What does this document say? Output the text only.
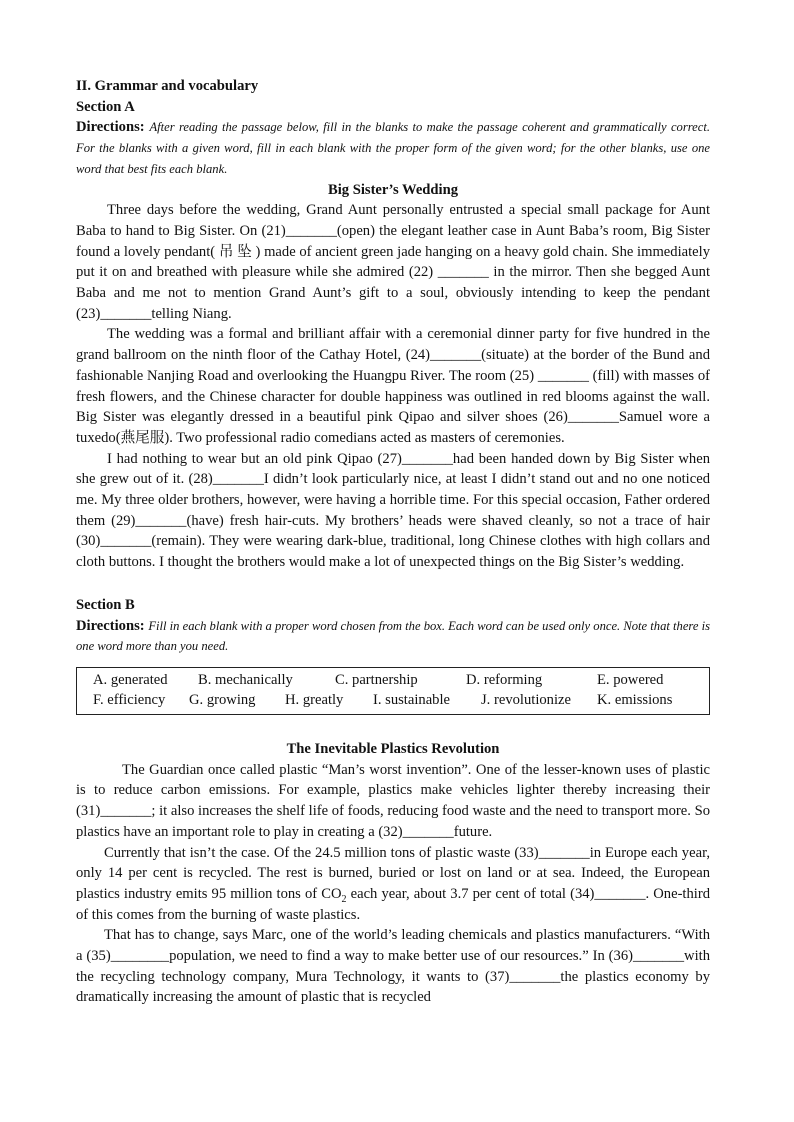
II. Grammar and vocabulary

Section A

Directions: After reading the passage below, fill in the blanks to make the passage coherent and grammatically correct. For the blanks with a given word, fill in each blank with the proper form of the given word; for the other blanks, use one word that best fits each blank.

Big Sister’s Wedding

Three days before the wedding, Grand Aunt personally entrusted a special small package for Aunt Baba to hand to Big Sister. On (21)_______(open) the elegant leather case in Aunt Baba’s room, Big Sister found a lovely pendant( 吊 坠 ) made of ancient green jade hanging on a heavy gold chain. She immediately put it on and breathed with pleasure while she admired (22) _______ in the mirror. Then she begged Aunt Baba and me not to mention Grand Aunt’s gift to a soul, obviously intending to keep the pendant (23)_______telling Niang.

The wedding was a formal and brilliant affair with a ceremonial dinner party for five hundred in the grand ballroom on the ninth floor of the Cathay Hotel, (24)_______(situate) at the border of the Bund and fashionable Nanjing Road and overlooking the Huangpu River. The room (25) _______ (fill) with masses of fresh flowers, and the Chinese character for double happiness was outlined in red blooms against the wall. Big Sister was elegantly dressed in a beautiful pink Qipao and silver shoes (26)_______Samuel wore a tuxedo(燕尾服). Two professional radio comedians acted as masters of ceremonies.

I had nothing to wear but an old pink Qipao (27)_______had been handed down by Big Sister when she grew out of it. (28)_______I didn’t look particularly nice, at least I didn’t stand out and no one noticed me. My three older brothers, however, were having a horrible time. For this special occasion, Father ordered them (29)_______(have) fresh hair-cuts. My brothers’ heads were shaved cleanly, so not a trace of hair (30)_______(remain). They were wearing dark-blue, traditional, long Chinese clothes with high collars and cloth buttons. I thought the brothers would make a lot of unexpected things on the Big Sister’s wedding.

Section B

Directions: Fill in each blank with a proper word chosen from the box. Each word can be used only once. Note that there is one word more than you need.

A. generated	B. mechanically	C. partnership	D. reforming	E. powered
F. efficiency	G. growing	H. greatly	I. sustainable	J. revolutionize	K. emissions

The Inevitable Plastics Revolution

The Guardian once called plastic “Man’s worst invention”. One of the lesser-known uses of plastic is to reduce carbon emissions. For example, plastics make vehicles lighter thereby increasing their (31)_______; it also increases the shelf life of foods, reducing food waste and the need to transport more. So plastics have an important role to play in creating a (32)_______future.

Currently that isn’t the case. Of the 24.5 million tons of plastic waste (33)_______in Europe each year, only 14 per cent is recycled. The rest is burned, buried or lost on land or at sea. Indeed, the European plastics industry emits 95 million tons of $CO_2$ each year, about 3.7 per cent of total (34)_______. One-third of this comes from the burning of waste plastics.

That has to change, says Marc, one of the world’s leading chemicals and plastics manufacturers. “With a (35)________population, we need to find a way to make better use of our resources.” In (36)_______with the recycling technology company, Mura Technology, it wants to (37)_______the plastics economy by dramatically increasing the amount of plastic that is recycled
